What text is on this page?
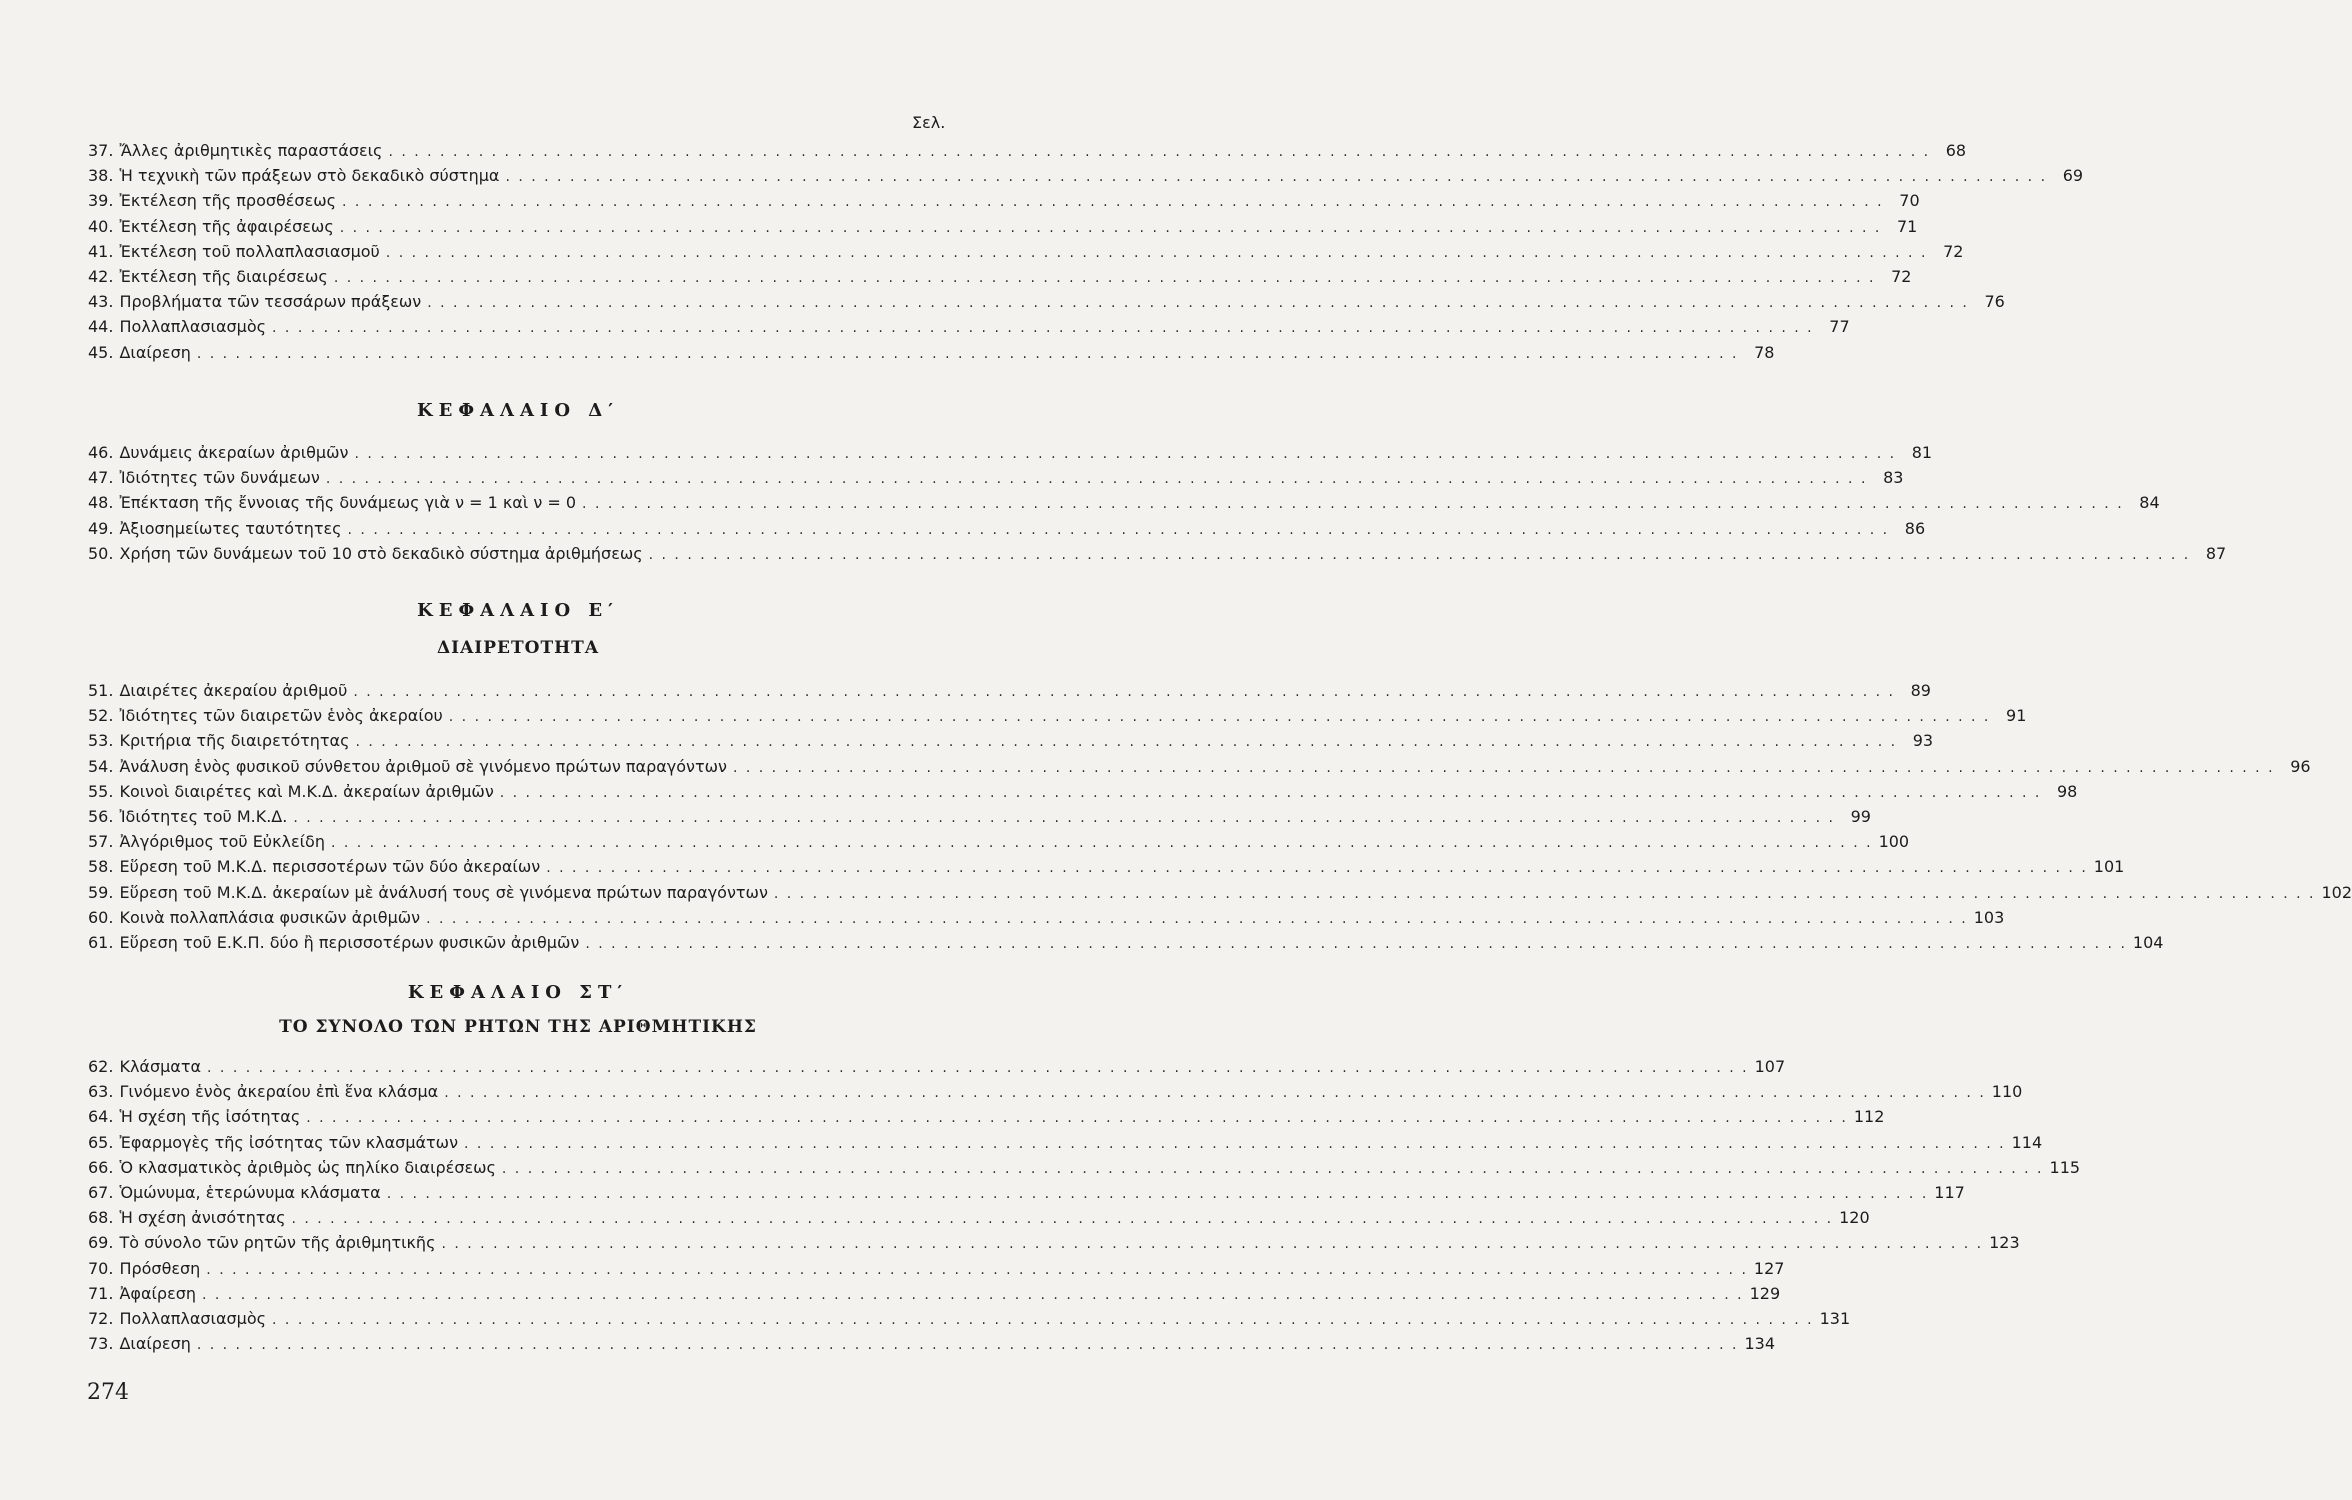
Σελ.
37. Ἄλλες ἀριθμητικὲς παραστάσεις . . . . . . . . . . . . . . . . . . . . . . . . . . . . . . . . . . . . . . . . . . . . . . . . . . . . . . . . . . . . . . . . . . . . . . . . . . . . . . . . . . . . . . . . . . . . . . . . . . . . . . . . . . . . . . . . . . . . . . . . 68
38. Ἡ τεχνικὴ τῶν πράξεων στὸ δεκαδικὸ σύστημα . . . . . . . . . . . . . . . . . . . . . . . . . . . . . . . . . . . . . . . . . . . . . . . . . . . . . . . . . . . . . . . . . . . . . . . . . . . . . . . . . . . . . . . . . . . . . . . . . . . . . . . . . . . . . . . . . . . . . . . . 69
39. Ἐκτέλεση τῆς προσθέσεως . . . . . . . . . . . . . . . . . . . . . . . . . . . . . . . . . . . . . . . . . . . . . . . . . . . . . . . . . . . . . . . . . . . . . . . . . . . . . . . . . . . . . . . . . . . . . . . . . . . . . . . . . . . . . . . . . . . . . . . . 70
40. Ἐκτέλεση τῆς ἀφαιρέσεως . . . . . . . . . . . . . . . . . . . . . . . . . . . . . . . . . . . . . . . . . . . . . . . . . . . . . . . . . . . . . . . . . . . . . . . . . . . . . . . . . . . . . . . . . . . . . . . . . . . . . . . . . . . . . . . . . . . . . . . . 71
41. Ἐκτέλεση τοῦ πολλαπλασιασμοῦ . . . . . . . . . . . . . . . . . . . . . . . . . . . . . . . . . . . . . . . . . . . . . . . . . . . . . . . . . . . . . . . . . . . . . . . . . . . . . . . . . . . . . . . . . . . . . . . . . . . . . . . . . . . . . . . . . . . . . . . . 72
42. Ἐκτέλεση τῆς διαιρέσεως . . . . . . . . . . . . . . . . . . . . . . . . . . . . . . . . . . . . . . . . . . . . . . . . . . . . . . . . . . . . . . . . . . . . . . . . . . . . . . . . . . . . . . . . . . . . . . . . . . . . . . . . . . . . . . . . . . . . . . . . 72
43. Προβλήματα τῶν τεσσάρων πράξεων . . . . . . . . . . . . . . . . . . . . . . . . . . . . . . . . . . . . . . . . . . . . . . . . . . . . . . . . . . . . . . . . . . . . . . . . . . . . . . . . . . . . . . . . . . . . . . . . . . . . . . . . . . . . . . . . . . . . . . . . 76
44. Πολλαπλασιασμὸς . . . . . . . . . . . . . . . . . . . . . . . . . . . . . . . . . . . . . . . . . . . . . . . . . . . . . . . . . . . . . . . . . . . . . . . . . . . . . . . . . . . . . . . . . . . . . . . . . . . . . . . . . . . . . . . . . . . . . . . . 77
45. Διαίρεση . . . . . . . . . . . . . . . . . . . . . . . . . . . . . . . . . . . . . . . . . . . . . . . . . . . . . . . . . . . . . . . . . . . . . . . . . . . . . . . . . . . . . . . . . . . . . . . . . . . . . . . . . . . . . . . . . . . . . . . . 78
ΚΕΦΑΛΑΙΟ Δ′
46. Δυνάμεις ἀκεραίων ἀριθμῶν . . . . . . . . . . . . . . . . . . . . . . . . . . . . . . . . . . . . . . . . . . . . . . . . . . . . . . . . . . . . . . . . . . . . . . . . . . . . . . . . . . . . . . . . . . . . . . . . . . . . . . . . . . . . . . . . . . . . . . . . 81
47. Ἰδιότητες τῶν δυνάμεων . . . . . . . . . . . . . . . . . . . . . . . . . . . . . . . . . . . . . . . . . . . . . . . . . . . . . . . . . . . . . . . . . . . . . . . . . . . . . . . . . . . . . . . . . . . . . . . . . . . . . . . . . . . . . . . . . . . . . . . . 83
48. Ἐπέκταση τῆς ἔννοιας τῆς δυνάμεως γιὰ ν = 1 καὶ ν = 0 . . . . . . . . . . . . . . . . . . . . . . . . . . . . . . . . . . . . . . . . . . . . . . . . . . . . . . . . . . . . . . . . . . . . . . . . . . . . . . . . . . . . . . . . . . . . . . . . . . . . . . . . . . . . . . . . . . . . . . . . 84
49. Ἀξιοσημείωτες ταυτότητες . . . . . . . . . . . . . . . . . . . . . . . . . . . . . . . . . . . . . . . . . . . . . . . . . . . . . . . . . . . . . . . . . . . . . . . . . . . . . . . . . . . . . . . . . . . . . . . . . . . . . . . . . . . . . . . . . . . . . . . . 86
50. Χρήση τῶν δυνάμεων τοῦ 10 στὸ δεκαδικὸ σύστημα ἀριθμήσεως . . . . . . . . . . . . . . . . . . . . . . . . . . . . . . . . . . . . . . . . . . . . . . . . . . . . . . . . . . . . . . . . . . . . . . . . . . . . . . . . . . . . . . . . . . . . . . . . . . . . . . . . . . . . . . . . . . . . . . . . 87
ΚΕΦΑΛΑΙΟ Ε′
ΔΙΑΙΡΕΤΟΤΗΤΑ
51. Διαιρέτες ἀκεραίου ἀριθμοῦ . . . . . . . . . . . . . . . . . . . . . . . . . . . . . . . . . . . . . . . . . . . . . . . . . . . . . . . . . . . . . . . . . . . . . . . . . . . . . . . . . . . . . . . . . . . . . . . . . . . . . . . . . . . . . . . . . . . . . . . . 89
52. Ἰδιότητες τῶν διαιρετῶν ἑνὸς ἀκεραίου . . . . . . . . . . . . . . . . . . . . . . . . . . . . . . . . . . . . . . . . . . . . . . . . . . . . . . . . . . . . . . . . . . . . . . . . . . . . . . . . . . . . . . . . . . . . . . . . . . . . . . . . . . . . . . . . . . . . . . . . 91
53. Κριτήρια τῆς διαιρετότητας . . . . . . . . . . . . . . . . . . . . . . . . . . . . . . . . . . . . . . . . . . . . . . . . . . . . . . . . . . . . . . . . . . . . . . . . . . . . . . . . . . . . . . . . . . . . . . . . . . . . . . . . . . . . . . . . . . . . . . . . 93
54. Ἀνάλυση ἑνὸς φυσικοῦ σύνθετου ἀριθμοῦ σὲ γινόμενο πρώτων παραγόντων . . . . . . . . . . . . . . . . . . . . . . . . . . . . . . . . . . . . . . . . . . . . . . . . . . . . . . . . . . . . . . . . . . . . . . . . . . . . . . . . . . . . . . . . . . . . . . . . . . . . . . . . . . . . . . . . . . . . . . . . 96
55. Κοινοὶ διαιρέτες καὶ Μ.Κ.Δ. ἀκεραίων ἀριθμῶν . . . . . . . . . . . . . . . . . . . . . . . . . . . . . . . . . . . . . . . . . . . . . . . . . . . . . . . . . . . . . . . . . . . . . . . . . . . . . . . . . . . . . . . . . . . . . . . . . . . . . . . . . . . . . . . . . . . . . . . . 98
56. Ἰδιότητες τοῦ Μ.Κ.Δ. . . . . . . . . . . . . . . . . . . . . . . . . . . . . . . . . . . . . . . . . . . . . . . . . . . . . . . . . . . . . . . . . . . . . . . . . . . . . . . . . . . . . . . . . . . . . . . . . . . . . . . . . . . . . . . . . . . . . . . . . 99
57. Ἀλγόριθμος τοῦ Εὐκλείδη . . . . . . . . . . . . . . . . . . . . . . . . . . . . . . . . . . . . . . . . . . . . . . . . . . . . . . . . . . . . . . . . . . . . . . . . . . . . . . . . . . . . . . . . . . . . . . . . . . . . . . . . . . . . . . . . . . . . . . . . 100
58. Εὕρεση τοῦ Μ.Κ.Δ. περισσοτέρων τῶν δύο ἀκεραίων . . . . . . . . . . . . . . . . . . . . . . . . . . . . . . . . . . . . . . . . . . . . . . . . . . . . . . . . . . . . . . . . . . . . . . . . . . . . . . . . . . . . . . . . . . . . . . . . . . . . . . . . . . . . . . . . . . . . . . . . 101
59. Εὕρεση τοῦ Μ.Κ.Δ. ἀκεραίων μὲ ἀνάλυσή τους σὲ γινόμενα πρώτων παραγόντων . . . . . . . . . . . . . . . . . . . . . . . . . . . . . . . . . . . . . . . . . . . . . . . . . . . . . . . . . . . . . . . . . . . . . . . . . . . . . . . . . . . . . . . . . . . . . . . . . . . . . . . . . . . . . . . . . . . . . . . . 102
60. Κοινὰ πολλαπλάσια φυσικῶν ἀριθμῶν . . . . . . . . . . . . . . . . . . . . . . . . . . . . . . . . . . . . . . . . . . . . . . . . . . . . . . . . . . . . . . . . . . . . . . . . . . . . . . . . . . . . . . . . . . . . . . . . . . . . . . . . . . . . . . . . . . . . . . . . 103
61. Εὕρεση τοῦ Ε.Κ.Π. δύο ἢ περισσοτέρων φυσικῶν ἀριθμῶν . . . . . . . . . . . . . . . . . . . . . . . . . . . . . . . . . . . . . . . . . . . . . . . . . . . . . . . . . . . . . . . . . . . . . . . . . . . . . . . . . . . . . . . . . . . . . . . . . . . . . . . . . . . . . . . . . . . . . . . . 104
ΚΕΦΑΛΑΙΟ ΣΤ′
ΤΟ ΣΥΝΟΛΟ ΤΩΝ ΡΗΤΩΝ ΤΗΣ ΑΡΙΘΜΗΤΙΚΗΣ
62. Κλάσματα . . . . . . . . . . . . . . . . . . . . . . . . . . . . . . . . . . . . . . . . . . . . . . . . . . . . . . . . . . . . . . . . . . . . . . . . . . . . . . . . . . . . . . . . . . . . . . . . . . . . . . . . . . . . . . . . . . . . . . . . 107
63. Γινόμενο ἑνὸς ἀκεραίου ἐπὶ ἕνα κλάσμα . . . . . . . . . . . . . . . . . . . . . . . . . . . . . . . . . . . . . . . . . . . . . . . . . . . . . . . . . . . . . . . . . . . . . . . . . . . . . . . . . . . . . . . . . . . . . . . . . . . . . . . . . . . . . . . . . . . . . . . . 110
64. Ἡ σχέση τῆς ἰσότητας . . . . . . . . . . . . . . . . . . . . . . . . . . . . . . . . . . . . . . . . . . . . . . . . . . . . . . . . . . . . . . . . . . . . . . . . . . . . . . . . . . . . . . . . . . . . . . . . . . . . . . . . . . . . . . . . . . . . . . . . 112
65. Ἐφαρμογὲς τῆς ἰσότητας τῶν κλασμάτων . . . . . . . . . . . . . . . . . . . . . . . . . . . . . . . . . . . . . . . . . . . . . . . . . . . . . . . . . . . . . . . . . . . . . . . . . . . . . . . . . . . . . . . . . . . . . . . . . . . . . . . . . . . . . . . . . . . . . . . . 114
66. Ὁ κλασματικὸς ἀριθμὸς ὡς πηλίκο διαιρέσεως . . . . . . . . . . . . . . . . . . . . . . . . . . . . . . . . . . . . . . . . . . . . . . . . . . . . . . . . . . . . . . . . . . . . . . . . . . . . . . . . . . . . . . . . . . . . . . . . . . . . . . . . . . . . . . . . . . . . . . . . 115
67. Ὁμώνυμα, ἑτερώνυμα κλάσματα . . . . . . . . . . . . . . . . . . . . . . . . . . . . . . . . . . . . . . . . . . . . . . . . . . . . . . . . . . . . . . . . . . . . . . . . . . . . . . . . . . . . . . . . . . . . . . . . . . . . . . . . . . . . . . . . . . . . . . . . 117
68. Ἡ σχέση ἀνισότητας . . . . . . . . . . . . . . . . . . . . . . . . . . . . . . . . . . . . . . . . . . . . . . . . . . . . . . . . . . . . . . . . . . . . . . . . . . . . . . . . . . . . . . . . . . . . . . . . . . . . . . . . . . . . . . . . . . . . . . . . 120
69. Τὸ σύνολο τῶν ρητῶν τῆς ἀριθμητικῆς . . . . . . . . . . . . . . . . . . . . . . . . . . . . . . . . . . . . . . . . . . . . . . . . . . . . . . . . . . . . . . . . . . . . . . . . . . . . . . . . . . . . . . . . . . . . . . . . . . . . . . . . . . . . . . . . . . . . . . . . 123
70. Πρόσθεση . . . . . . . . . . . . . . . . . . . . . . . . . . . . . . . . . . . . . . . . . . . . . . . . . . . . . . . . . . . . . . . . . . . . . . . . . . . . . . . . . . . . . . . . . . . . . . . . . . . . . . . . . . . . . . . . . . . . . . . . 127
71. Ἀφαίρεση . . . . . . . . . . . . . . . . . . . . . . . . . . . . . . . . . . . . . . . . . . . . . . . . . . . . . . . . . . . . . . . . . . . . . . . . . . . . . . . . . . . . . . . . . . . . . . . . . . . . . . . . . . . . . . . . . . . . . . . . 129
72. Πολλαπλασιασμὸς . . . . . . . . . . . . . . . . . . . . . . . . . . . . . . . . . . . . . . . . . . . . . . . . . . . . . . . . . . . . . . . . . . . . . . . . . . . . . . . . . . . . . . . . . . . . . . . . . . . . . . . . . . . . . . . . . . . . . . . . 131
73. Διαίρεση . . . . . . . . . . . . . . . . . . . . . . . . . . . . . . . . . . . . . . . . . . . . . . . . . . . . . . . . . . . . . . . . . . . . . . . . . . . . . . . . . . . . . . . . . . . . . . . . . . . . . . . . . . . . . . . . . . . . . . . . 134
274
